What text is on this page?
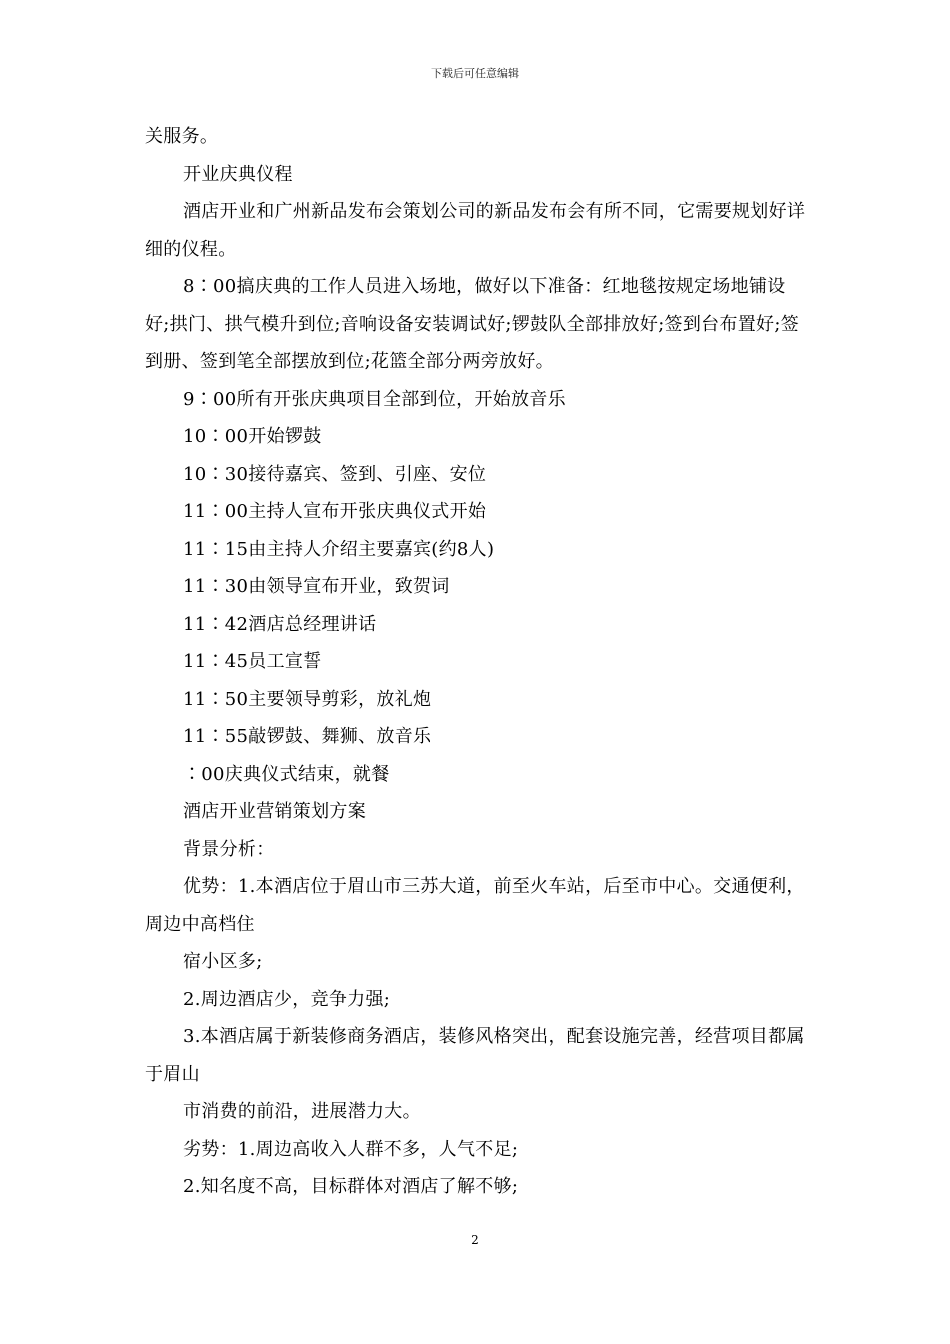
下载后可任意编辑

关服务。

开业庆典仪程

酒店开业和广州新品发布会策划公司的新品发布会有所不同，它需要规划好详细的仪程。

8∶00搞庆典的工作人员进入场地，做好以下准备：红地毯按规定场地铺设好;拱门、拱气模升到位;音响设备安装调试好;锣鼓队全部排放好;签到台布置好;签到册、签到笔全部摆放到位;花篮全部分两旁放好。

9∶00所有开张庆典项目全部到位，开始放音乐

10∶00开始锣鼓

10∶30接待嘉宾、签到、引座、安位

11∶00主持人宣布开张庆典仪式开始

11∶15由主持人介绍主要嘉宾(约8人)

11∶30由领导宣布开业，致贺词

11∶42酒店总经理讲话

11∶45员工宣誓

11∶50主要领导剪彩，放礼炮

11∶55敲锣鼓、舞狮、放音乐

∶00庆典仪式结束，就餐

酒店开业营销策划方案

背景分析：

优势：1.本酒店位于眉山市三苏大道，前至火车站，后至市中心。交通便利，周边中高档住

宿小区多;

2.周边酒店少，竞争力强;

3.本酒店属于新装修商务酒店，装修风格突出，配套设施完善，经营项目都属于眉山

市消费的前沿，进展潜力大。

劣势：1.周边高收入人群不多，人气不足;

2.知名度不高，目标群体对酒店了解不够;

2
